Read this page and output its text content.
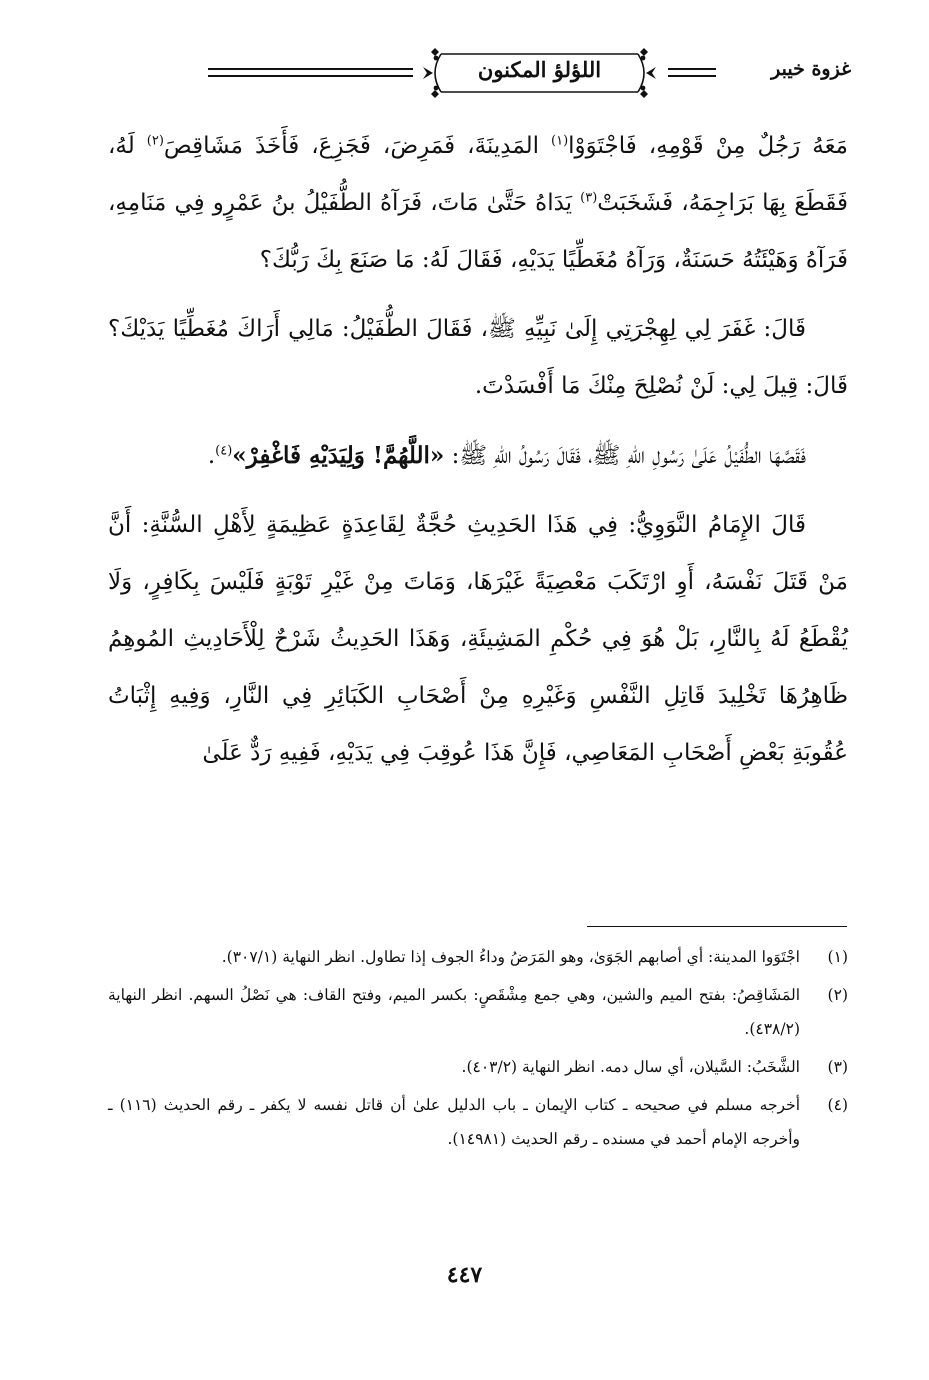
غزوة خيبر
اللؤلؤ المكنون

مَعَهُ رَجُلٌ مِنْ قَوْمِهِ، فَاجْتَوَوْا$^{(١)}$ المَدِينَةَ، فَمَرِضَ، فَجَزِعَ، فَأَخَذَ مَشَاقِصَ$^{(٢)}$ لَهُ، فَقَطَعَ بِهَا بَرَاجِمَهُ، فَشَخَبَتْ$^{(٣)}$ يَدَاهُ حَتَّىٰ مَاتَ، فَرَآهُ الطُّفَيْلُ بنُ عَمْرٍو فِي مَنَامِهِ، فَرَآهُ وَهَيْئَتُهُ حَسَنَةٌ، وَرَآهُ مُغَطِّيًا يَدَيْهِ، فَقَالَ لَهُ: مَا صَنَعَ بِكَ رَبُّكَ؟

قَالَ: غَفَرَ لِي لِهِجْرَتِي إِلَىٰ نَبِيِّهِ ﷺ، فَقَالَ الطُّفَيْلُ: مَالِي أَرَاكَ مُغَطِّيًا يَدَيْكَ؟ قَالَ: قِيلَ لِي: لَنْ نُصْلِحَ مِنْكَ مَا أَفْسَدْتَ.

فَقَصَّهَا الطُّفَيْلُ عَلَىٰ رَسُولِ اللهِ ﷺ، فَقَالَ رَسُولُ اللهِ ﷺ: «اللَّهُمَّ! وَلِيَدَيْهِ فَاغْفِرْ»$^{(٤)}$.

قَالَ الإِمَامُ النَّوَوِيُّ: فِي هَذَا الحَدِيثِ حُجَّةٌ لِقَاعِدَةٍ عَظِيمَةٍ لِأَهْلِ السُّنَّةِ: أَنَّ مَنْ قَتَلَ نَفْسَهُ، أَوِ ارْتَكَبَ مَعْصِيَةً غَيْرَهَا، وَمَاتَ مِنْ غَيْرِ تَوْبَةٍ فَلَيْسَ بِكَافِرٍ، وَلَا يُقْطَعُ لَهُ بِالنَّارِ، بَلْ هُوَ فِي حُكْمِ المَشِيئَةِ، وَهَذَا الحَدِيثُ شَرْحٌ لِلْأَحَادِيثِ المُوهِمُ ظَاهِرُهَا تَخْلِيدَ قَاتِلِ النَّفْسِ وَغَيْرِهِ مِنْ أَصْحَابِ الكَبَائِرِ فِي النَّارِ، وَفِيهِ إِثْبَاتُ عُقُوبَةِ بَعْضِ أَصْحَابِ المَعَاصِي، فَإِنَّ هَذَا عُوقِبَ فِي يَدَيْهِ، فَفِيهِ رَدٌّ عَلَىٰ

(١)
اجْتَوَوا المدينة: أي أصابهم الجَوَىٰ، وهو المَرَضُ وداءُ الجوف إذا تطاول. انظر النهاية (٣٠٧/١).
(٢)
المَشَاقِصُ: بفتح الميم والشين، وهي جمع مِشْقَصٍ: بكسر الميم، وفتح القاف: هي نَصْلُ السهم. انظر النهاية (٤٣٨/٢).
(٣)
الشَّخَبُ: السَّيلان، أي سال دمه. انظر النهاية (٤٠٣/٢).
(٤)
أخرجه مسلم في صحيحه ـ كتاب الإيمان ـ باب الدليل علىٰ أن قاتل نفسه لا يكفر ـ رقم الحديث (١١٦) ـ وأخرجه الإمام أحمد في مسنده ـ رقم الحديث (١٤٩٨١).
٤٤٧
